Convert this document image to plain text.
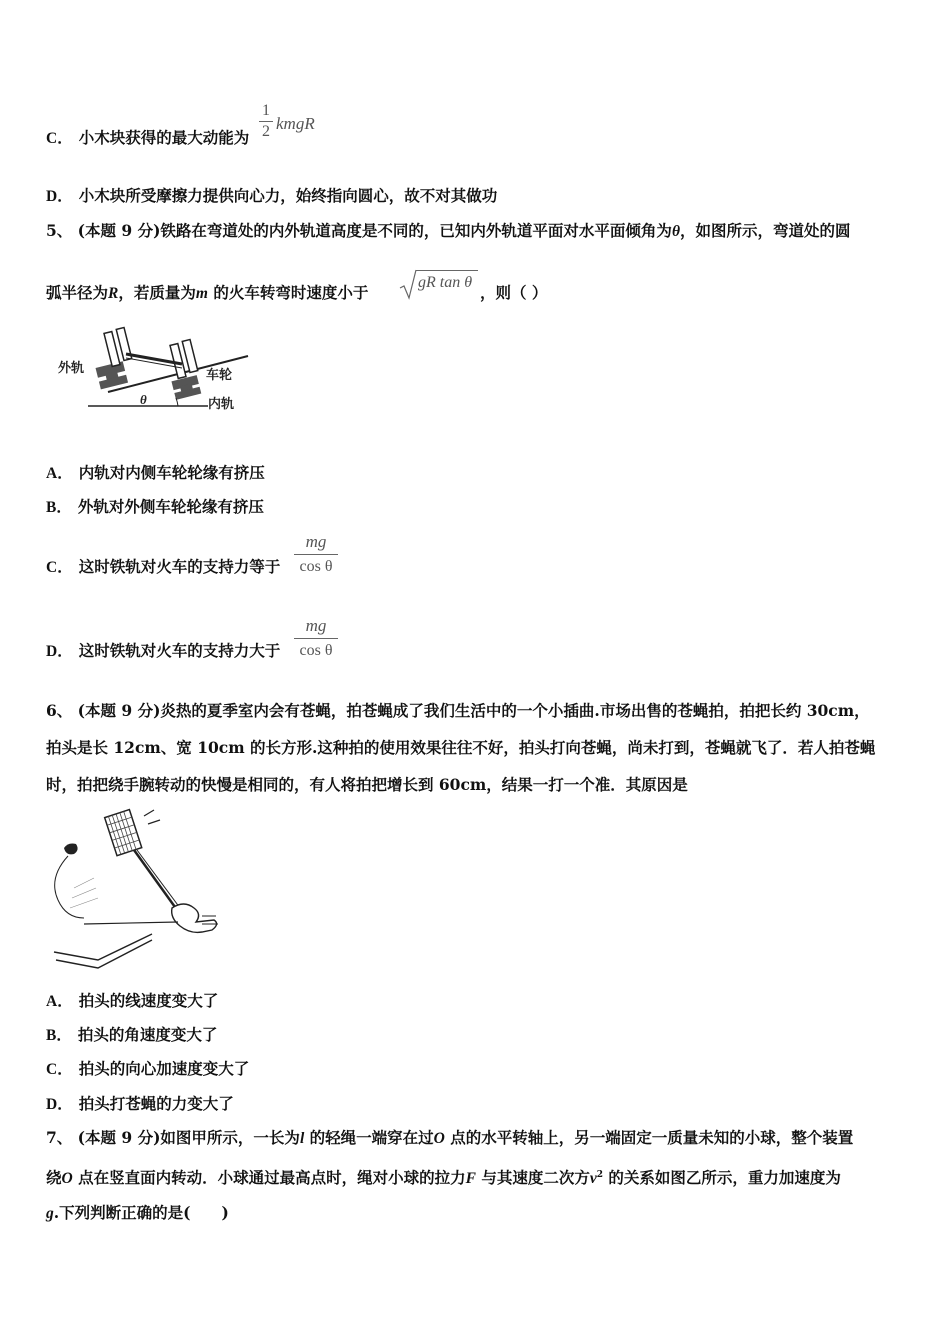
C． 小木块获得的最大动能为
1
2 kmgR
D． 小木块所受摩擦力提供向心力，始终指向圆心，故不对其做功
5、 (本题 9 分)铁路在弯道处的内外轨道高度是不同的，已知内外轨道平面对水平面倾角为θ，如图所示，弯道处的圆
弧半径为R，若质量为m 的火车转弯时速度小于
gR tan θ
，则（ ）
外轨	车轮
θ	内轨
A． 内轨对内侧车轮轮缘有挤压
B． 外轨对外侧车轮轮缘有挤压
C． 这时铁轨对火车的支持力等于
mg
cos θ
D． 这时铁轨对火车的支持力大于
mg
cos θ
6、 (本题 9 分)炎热的夏季室内会有苍蝇，拍苍蝇成了我们生活中的一个小插曲.市场出售的苍蝇拍，拍把长约 30cm，
拍头是长 12cm、宽 10cm 的长方形.这种拍的使用效果往往不好，拍头打向苍蝇，尚未打到，苍蝇就飞了．若人拍苍蝇
时，拍把绕手腕转动的快慢是相同的，有人将拍把增长到 60cm，结果一打一个准．其原因是
A． 拍头的线速度变大了
B． 拍头的角速度变大了
C． 拍头的向心加速度变大了
D． 拍头打苍蝇的力变大了
7、 (本题 9 分)如图甲所示，一长为l 的轻绳一端穿在过O 点的水平转轴上，另一端固定一质量未知的小球，整个装置
绕O 点在竖直面内转动．小球通过最高点时，绳对小球的拉力F 与其速度二次方$v^2$ 的关系如图乙所示，重力加速度为
g.下列判断正确的是(　　)
